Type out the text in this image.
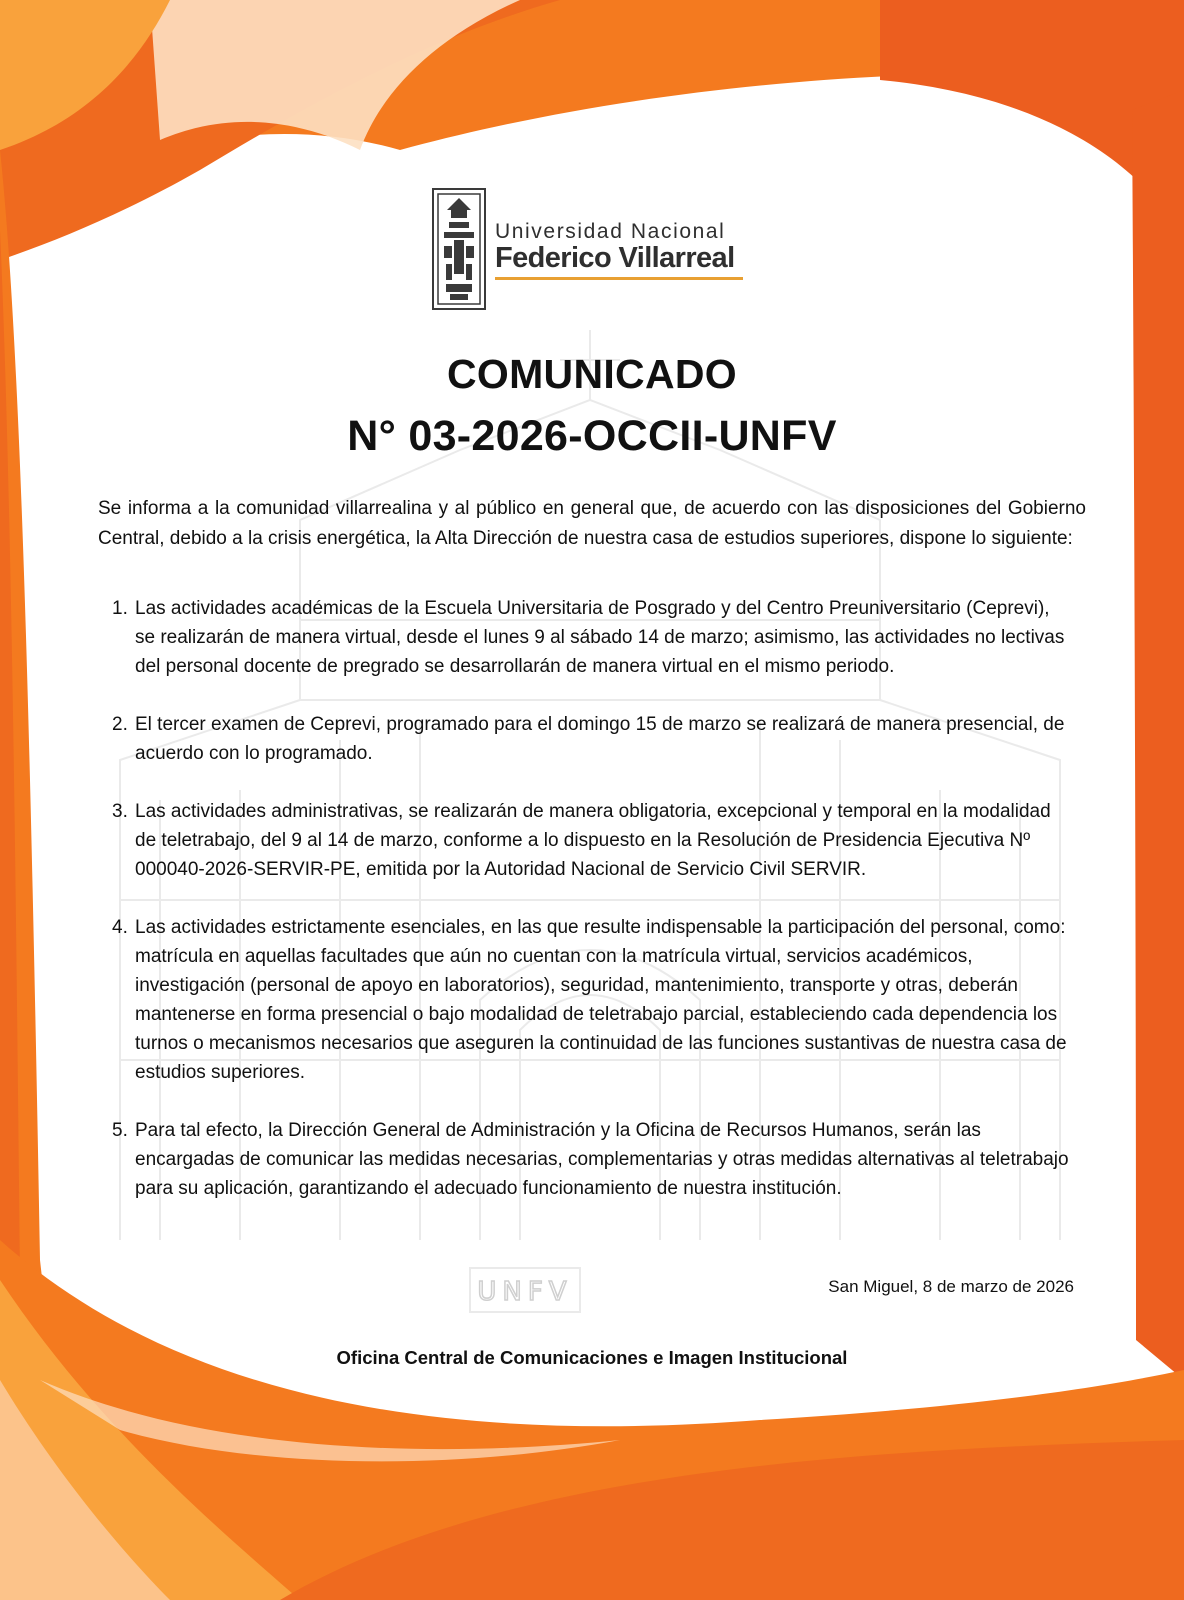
Universidad Nacional
Federico Villarreal
COMUNICADO
N° 03-2026-OCCII-UNFV

Se informa a la comunidad villarrealina y al público en general que, de acuerdo con las disposiciones del Gobierno Central, debido a la crisis energética, la Alta Dirección de nuestra casa de estudios superiores, dispone lo siguiente:

1. Las actividades académicas de la Escuela Universitaria de Posgrado y del Centro Preuniversitario (Ceprevi), se realizarán de manera virtual, desde el lunes 9 al sábado 14 de marzo; asimismo, las actividades no lectivas del personal docente de pregrado se desarrollarán de manera virtual en el mismo periodo.
2. El tercer examen de Ceprevi, programado para el domingo 15 de marzo se realizará de manera presencial, de acuerdo con lo programado.
3. Las actividades administrativas, se realizarán de manera obligatoria, excepcional y temporal en la modalidad de teletrabajo, del 9 al 14 de marzo, conforme a lo dispuesto en la Resolución de Presidencia Ejecutiva Nº 000040-2026-SERVIR-PE, emitida por la Autoridad Nacional de Servicio Civil SERVIR.
4. Las actividades estrictamente esenciales, en las que resulte indispensable la participación del personal, como: matrícula en aquellas facultades que aún no cuentan con la matrícula virtual, servicios académicos, investigación (personal de apoyo en laboratorios), seguridad, mantenimiento, transporte y otras, deberán mantenerse en forma presencial o bajo modalidad de teletrabajo parcial, estableciendo cada dependencia los turnos o mecanismos necesarios que aseguren la continuidad de las funciones sustantivas de nuestra casa de estudios superiores.
5. Para tal efecto, la Dirección General de Administración y la Oficina de Recursos Humanos, serán las encargadas de comunicar las medidas necesarias, complementarias y otras medidas alternativas al teletrabajo para su aplicación, garantizando el adecuado funcionamiento de nuestra institución.
San Miguel, 8 de marzo de 2026
Oficina Central de Comunicaciones e Imagen Institucional
UNFV
